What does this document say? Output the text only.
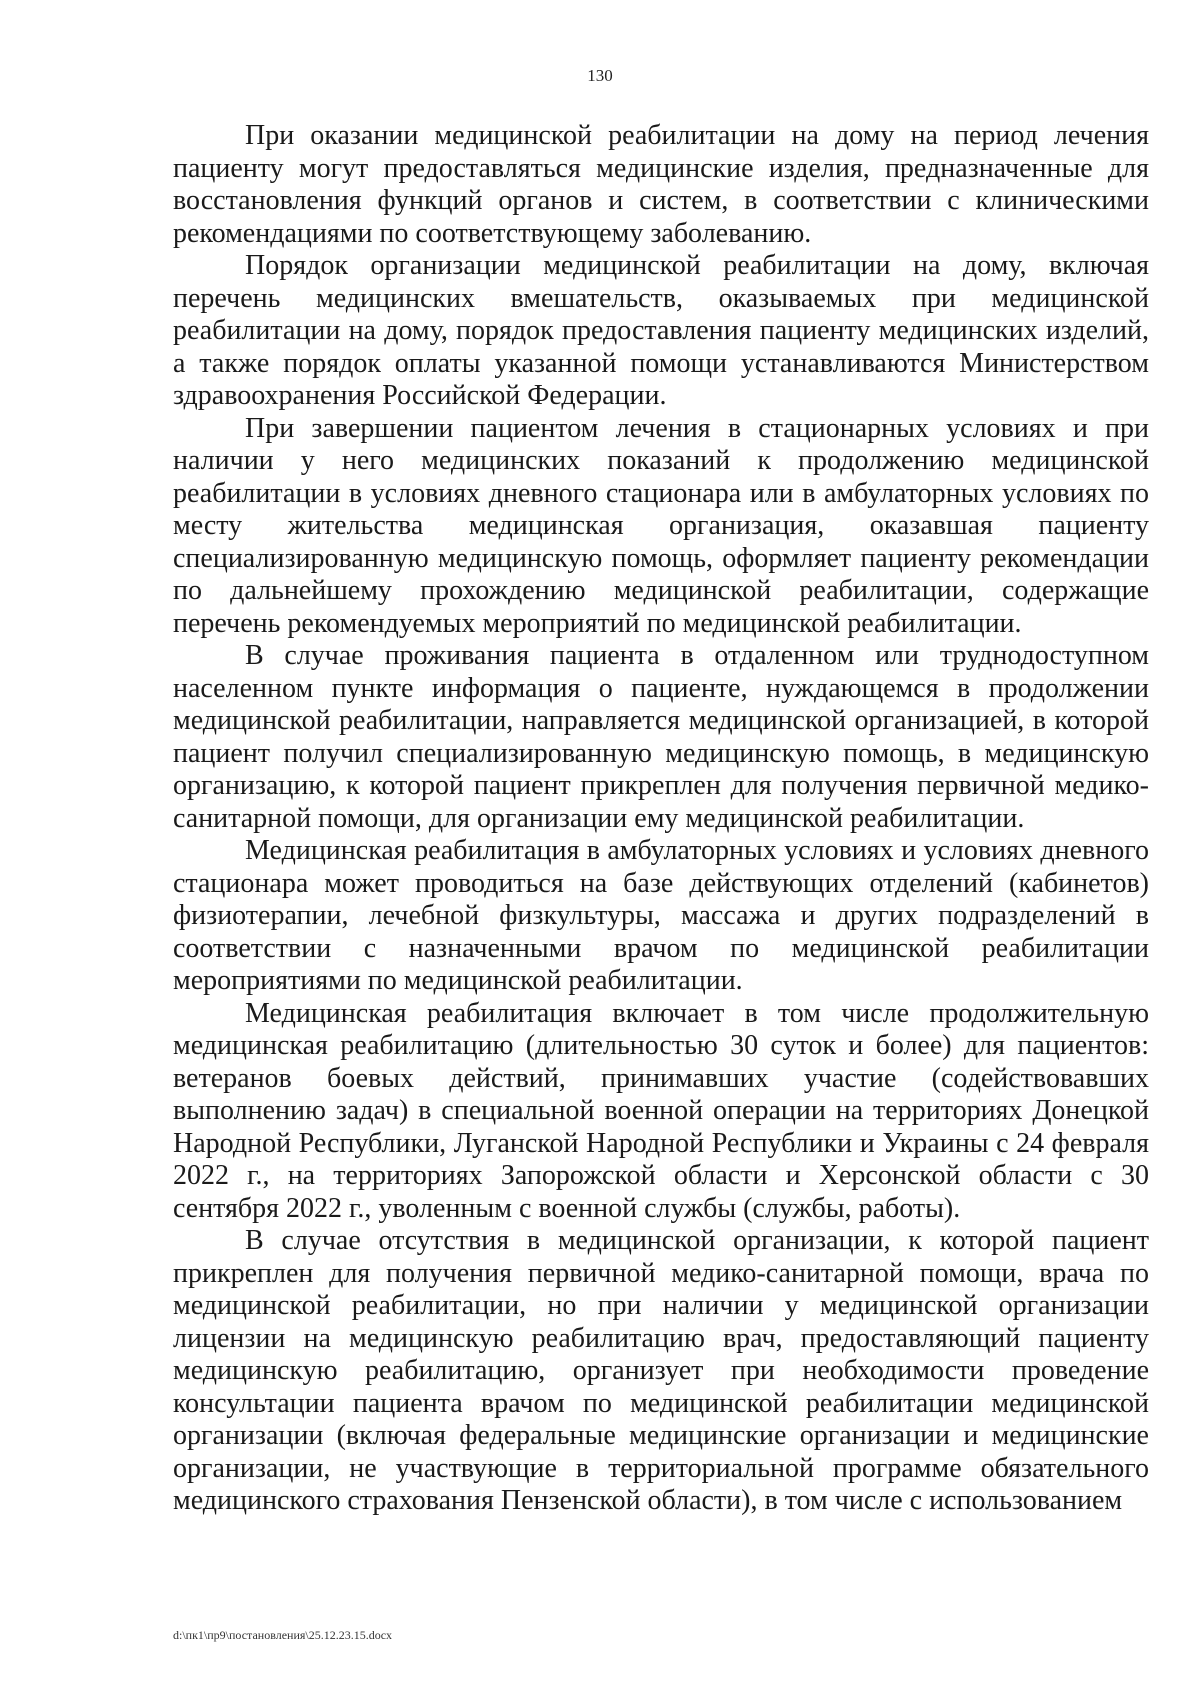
130

При оказании медицинской реабилитации на дому на период лечения пациенту могут предоставляться медицинские изделия, предназначенные для восстановления функций органов и систем, в соответствии с клиническими рекомендациями по соответствующему заболеванию.

Порядок организации медицинской реабилитации на дому, включая перечень медицинских вмешательств, оказываемых при медицинской реабилитации на дому, порядок предоставления пациенту медицинских изделий, а также порядок оплаты указанной помощи устанавливаются Министерством здравоохранения Российской Федерации.

При завершении пациентом лечения в стационарных условиях и при наличии у него медицинских показаний к продолжению медицинской реабилитации в условиях дневного стационара или в амбулаторных условиях по месту жительства медицинская организация, оказавшая пациенту специализированную медицинскую помощь, оформляет пациенту рекомендации по дальнейшему прохождению медицинской реабилитации, содержащие перечень рекомендуемых мероприятий по медицинской реабилитации.

В случае проживания пациента в отдаленном или труднодоступном населенном пункте информация о пациенте, нуждающемся в продолжении медицинской реабилитации, направляется медицинской организацией, в которой пациент получил специализированную медицинскую помощь, в медицинскую организацию, к которой пациент прикреплен для получения первичной медико-санитарной помощи, для организации ему медицинской реабилитации.

Медицинская реабилитация в амбулаторных условиях и условиях дневного стационара может проводиться на базе действующих отделений (кабинетов) физиотерапии, лечебной физкультуры, массажа и других подразделений в соответствии с назначенными врачом по медицинской реабилитации мероприятиями по медицинской реабилитации.

Медицинская реабилитация включает в том числе продолжительную медицинская реабилитацию (длительностью 30 суток и более) для пациентов: ветеранов боевых действий, принимавших участие (содействовавших выполнению задач) в специальной военной операции на территориях Донецкой Народной Республики, Луганской Народной Республики и Украины с 24 февраля 2022 г., на территориях Запорожской области и Херсонской области с 30 сентября 2022 г., уволенным с военной службы (службы, работы).

В случае отсутствия в медицинской организации, к которой пациент прикреплен для получения первичной медико-санитарной помощи, врача по медицинской реабилитации, но при наличии у медицинской организации лицензии на медицинскую реабилитацию врач, предоставляющий пациенту медицинскую реабилитацию, организует при необходимости проведение консультации пациента врачом по медицинской реабилитации медицинской организации (включая федеральные медицинские организации и медицинские организации, не участвующие в территориальной программе обязательного медицинского страхования Пензенской области), в том числе с использованием

d:\пк1\пр9\постановления\25.12.23.15.docx
